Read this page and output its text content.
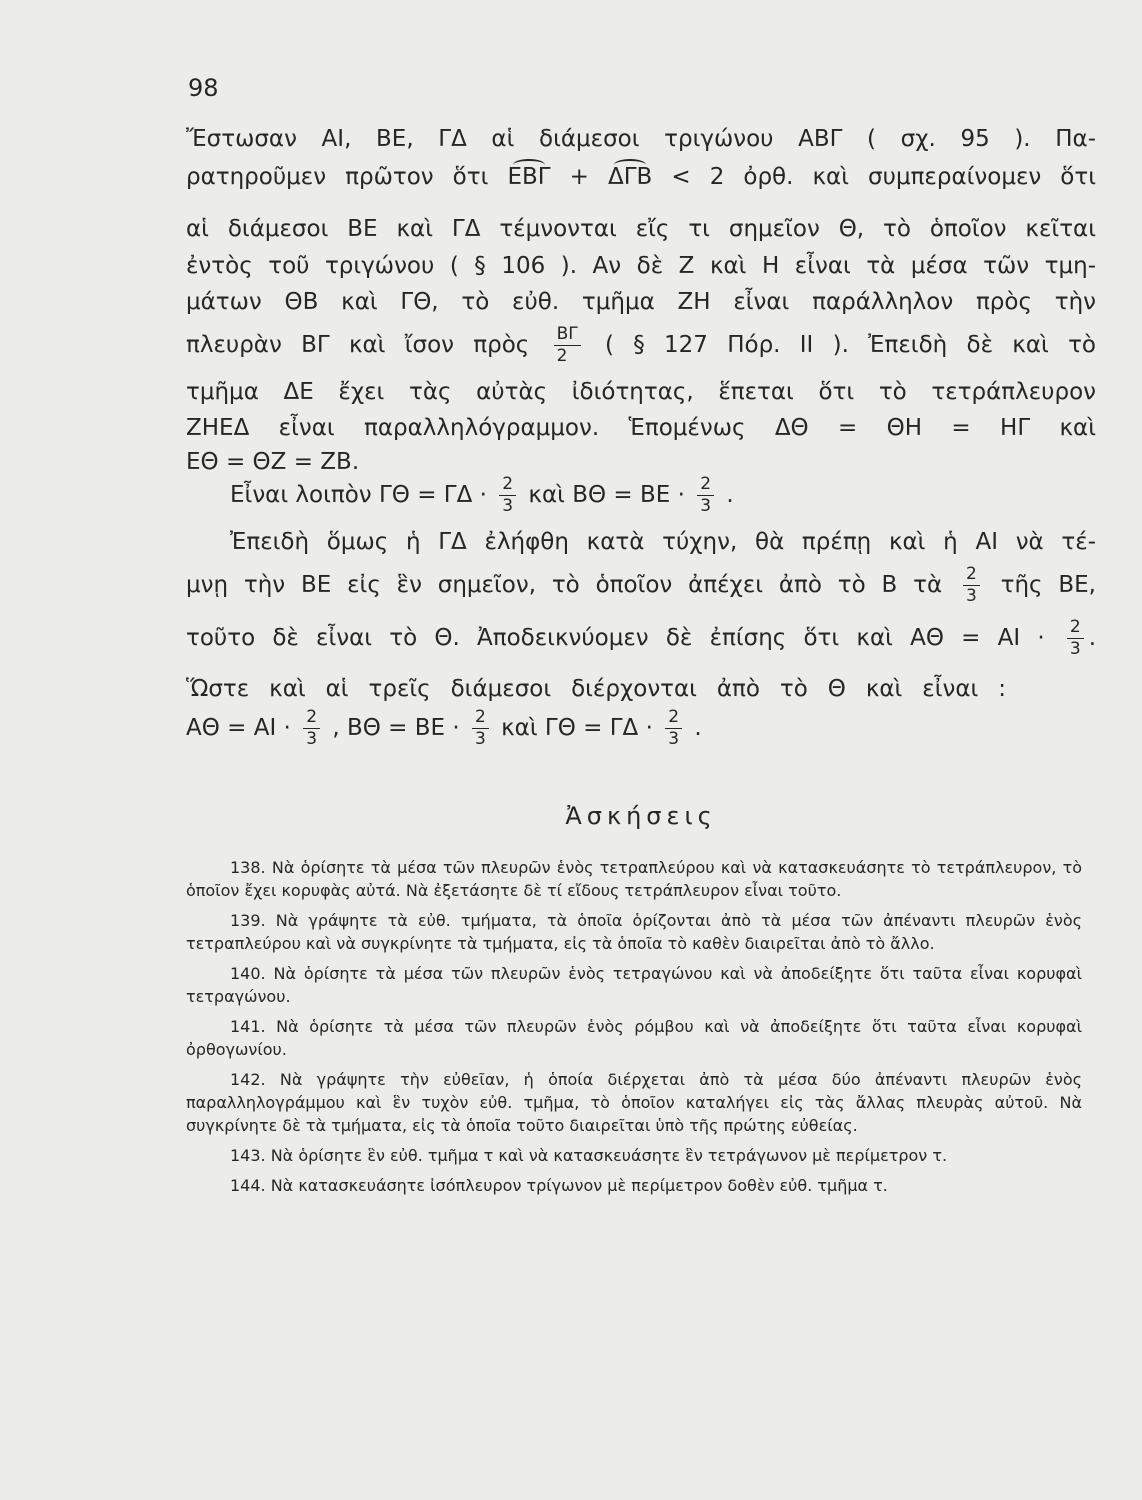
98
Ἔστωσαν ΑΙ, ΒΕ, ΓΔ αἱ διάμεσοι τριγώνου ΑΒΓ ( σχ. 95 ). Πα-
ρατηροῦμεν πρῶτον ὅτι ΕΒΓ + ΔΓΒ < 2 ὀρθ. καὶ συμπεραίνομεν ὅτι
αἱ διάμεσοι ΒΕ καὶ ΓΔ τέμνονται εἴς τι σημεῖον Θ, τὸ ὁποῖον κεῖται
ἐντὸς τοῦ τριγώνου ( § 106 ). Αν δὲ Ζ καὶ Η εἶναι τὰ μέσα τῶν τμη-
μάτων ΘΒ καὶ ΓΘ, τὸ εὐθ. τμῆμα ΖΗ εἶναι παράλληλον πρὸς τὴν
πλευρὰν ΒΓ καὶ ἴσον πρὸς $\frac{B\Gamma}{2}$ ( § 127 Πόρ. ΙΙ ). Ἐπειδὴ δὲ καὶ τὸ
τμῆμα ΔΕ ἔχει τὰς αὐτὰς ἰδιότητας, ἕπεται ὅτι τὸ τετράπλευρον
ΖΗΕΔ εἶναι παραλληλόγραμμον. Ἑπομένως ΔΘ = ΘΗ = ΗΓ καὶ
ΕΘ = ΘΖ = ΖΒ.
Εἶναι λοιπὸν $\Gamma\Theta = \Gamma\Delta \cdot \frac{2}{3}$ καὶ $B\Theta = BE \cdot \frac{2}{3}$ .
Ἐπειδὴ ὅμως ἡ ΓΔ ἐλήφθη κατὰ τύχην, θὰ πρέπῃ καὶ ἡ ΑΙ νὰ τέ-
μνῃ τὴν ΒΕ εἰς ἓν σημεῖον, τὸ ὁποῖον ἀπέχει ἀπὸ τὸ Β τὰ $\frac{2}{3}$ τῆς ΒΕ,
τοῦτο δὲ εἶναι τὸ Θ. Ἀποδεικνύομεν δὲ ἐπίσης ὅτι καὶ $A\Theta = AI \cdot \frac{2}{3}$ .
Ὥστε καὶ αἱ τρεῖς διάμεσοι διέρχονται ἀπὸ τὸ Θ καὶ εἶναι :
$A\Theta = AI \cdot \frac{2}{3}$ , $B\Theta = BE \cdot \frac{2}{3}$ καὶ $\Gamma\Theta = \Gamma\Delta \cdot \frac{2}{3}$ .
Ἀσκήσεις

138. Νὰ ὁρίσητε τὰ μέσα τῶν πλευρῶν ἑνὸς τετραπλεύρου καὶ νὰ κατασκευάσητε τὸ τετράπλευρον, τὸ ὁποῖον ἔχει κορυφὰς αὐτά. Νὰ ἐξετάσητε δὲ τί εἴδους τετράπλευρον εἶναι τοῦτο.

139. Νὰ γράψητε τὰ εὐθ. τμήματα, τὰ ὁποῖα ὁρίζονται ἀπὸ τὰ μέσα τῶν ἀπέναντι πλευρῶν ἑνὸς τετραπλεύρου καὶ νὰ συγκρίνητε τὰ τμήματα, εἰς τὰ ὁποῖα τὸ καθὲν διαιρεῖται ἀπὸ τὸ ἄλλο.

140. Νὰ ὁρίσητε τὰ μέσα τῶν πλευρῶν ἑνὸς τετραγώνου καὶ νὰ ἀποδείξητε ὅτι ταῦτα εἶναι κορυφαὶ τετραγώνου.

141. Νὰ ὁρίσητε τὰ μέσα τῶν πλευρῶν ἑνὸς ρόμβου καὶ νὰ ἀποδείξητε ὅτι ταῦτα εἶναι κορυφαὶ ὀρθογωνίου.

142. Νὰ γράψητε τὴν εὐθεῖαν, ἡ ὁποία διέρχεται ἀπὸ τὰ μέσα δύο ἀπέναντι πλευρῶν ἑνὸς παραλληλογράμμου καὶ ἓν τυχὸν εὐθ. τμῆμα, τὸ ὁποῖον καταλήγει εἰς τὰς ἄλλας πλευρὰς αὐτοῦ. Νὰ συγκρίνητε δὲ τὰ τμήματα, εἰς τὰ ὁποῖα τοῦτο διαιρεῖται ὑπὸ τῆς πρώτης εὐθείας.

143. Νὰ ὁρίσητε ἓν εὐθ. τμῆμα τ καὶ νὰ κατασκευάσητε ἓν τετράγωνον μὲ περίμετρον τ.

144. Νὰ κατασκευάσητε ἰσόπλευρον τρίγωνον μὲ περίμετρον δοθὲν εὐθ. τμῆμα τ.
